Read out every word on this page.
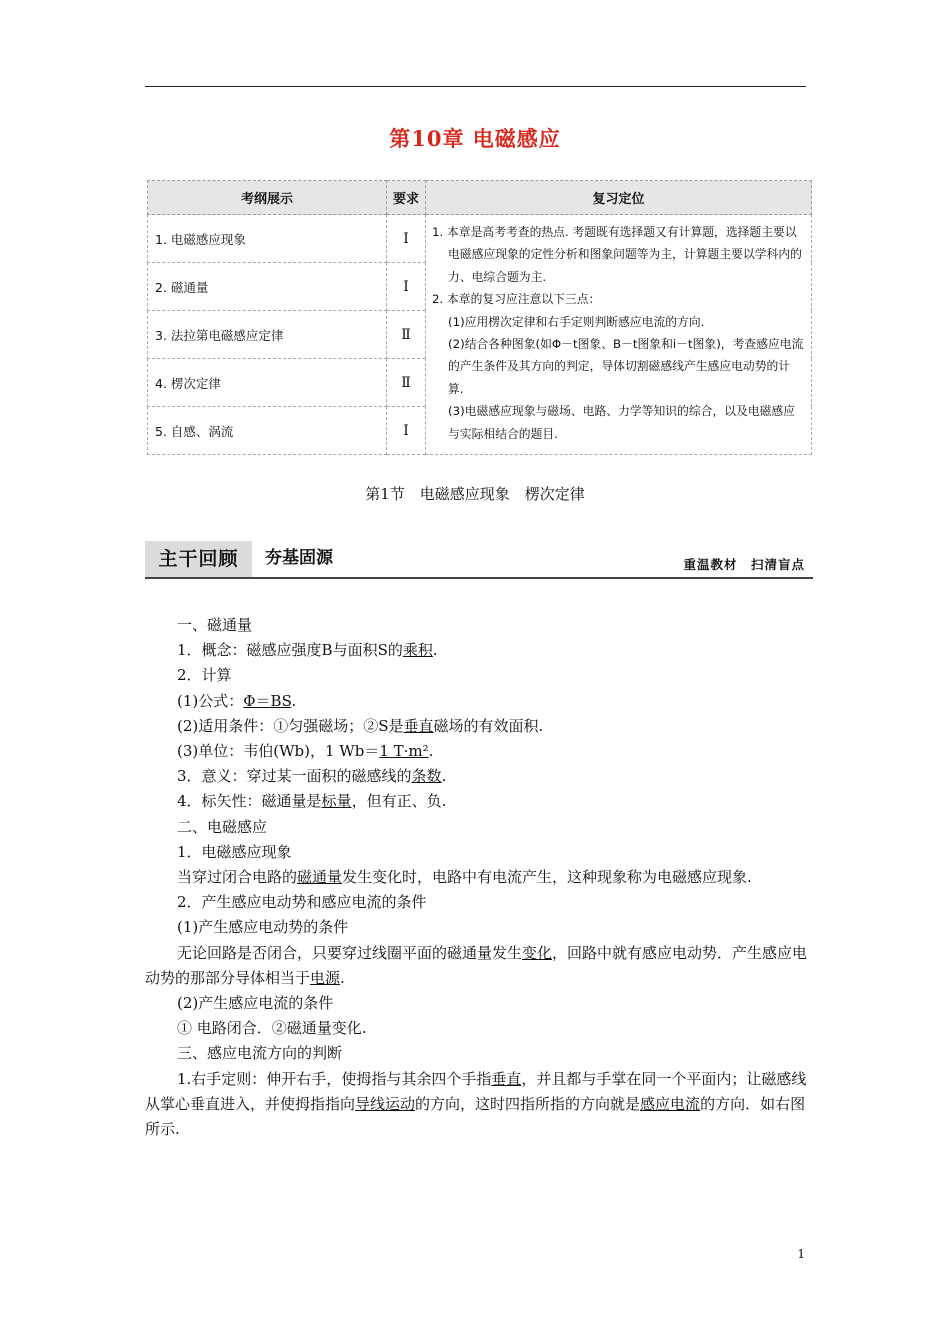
第10章 电磁感应
考纲展示	要求	复习定位
1. 电磁感应现象	Ⅰ	1. 本章是高考考查的热点. 考题既有选择题又有计算题，选择题主要以电磁感应现象的定性分析和图象问题等为主，计算题主要以学科内的力、电综合题为主.

2. 本章的复习应注意以下三点：

(1)应用楞次定律和右手定则判断感应电流的方向.

(2)结合各种图象(如Φ－t图象、B－t图象和i－t图象)，考查感应电流的产生条件及其方向的判定，导体切割磁感线产生感应电动势的计算.

(3)电磁感应现象与磁场、电路、力学等知识的综合，以及电磁感应与实际相结合的题目.

2. 磁通量	Ⅰ	
3. 法拉第电磁感应定律	Ⅱ	
4. 楞次定律	Ⅱ	
5. 自感、涡流	Ⅰ	
第1节　电磁感应现象　楞次定律
主干回顾	夯基固源	重温教材　扫清盲点

一、磁通量

1．概念：磁感应强度B与面积S的乘积.

2．计算

(1)公式：Φ＝BS.

(2)适用条件：①匀强磁场；②S是垂直磁场的有效面积.

(3)单位：韦伯(Wb)，1 Wb＝1 T·m².

3．意义：穿过某一面积的磁感线的条数.

4．标矢性：磁通量是标量，但有正、负.

二、电磁感应

1．电磁感应现象

当穿过闭合电路的磁通量发生变化时，电路中有电流产生，这种现象称为电磁感应现象.

2．产生感应电动势和感应电流的条件

(1)产生感应电动势的条件

无论回路是否闭合，只要穿过线圈平面的磁通量发生变化，回路中就有感应电动势．产生感应电动势的那部分导体相当于电源.

(2)产生感应电流的条件

① 电路闭合．②磁通量变化.

三、感应电流方向的判断

1.右手定则：伸开右手，使拇指与其余四个手指垂直，并且都与手掌在同一个平面内；让磁感线从掌心垂直进入，并使拇指指向导线运动的方向，这时四指所指的方向就是感应电流的方向．如右图所示.

1
